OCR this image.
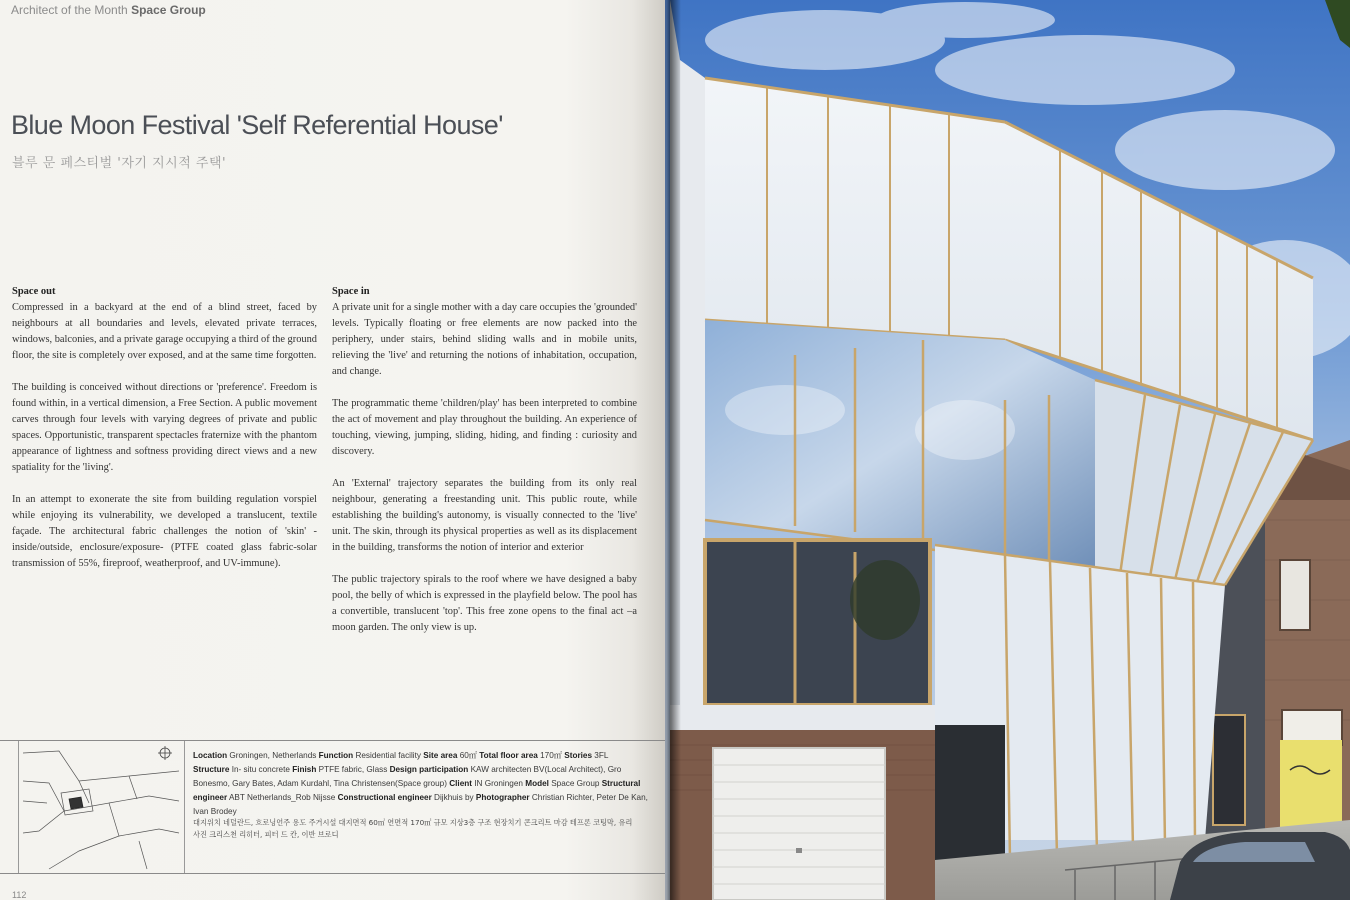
Architect of the Month Space Group
Blue Moon Festival 'Self Referential House'
블루 문 페스티벌 '자기 지시적 주택'
Space out

Compressed in a backyard at the end of a blind street, faced by neighbours at all boundaries and levels, elevated private terraces, windows, balconies, and a private garage occupying a third of the ground floor, the site is completely over exposed, and at the same time forgotten.

The building is conceived without directions or 'preference'. Freedom is found within, in a vertical dimension, a Free Section. A public movement carves through four levels with varying degrees of private and public spaces. Opportunistic, transparent spectacles fraternize with the phantom appearance of lightness and softness providing direct views and a new spatiality for the 'living'.

In an attempt to exonerate the site from building regulation vorspiel while enjoying its vulnerability, we developed a translucent, textile façade. The architectural fabric challenges the notion of 'skin' -inside/outside, enclosure/exposure- (PTFE coated glass fabric-solar transmission of 55%, fireproof, weatherproof, and UV-immune).

Space in

A private unit for a single mother with a day care occupies the 'grounded' levels. Typically floating or free elements are now packed into the periphery, under stairs, behind sliding walls and in mobile units, relieving the 'live' and returning the notions of inhabitation, occupation, and change.

The programmatic theme 'children/play' has been interpreted to combine the act of movement and play throughout the building. An experience of touching, viewing, jumping, sliding, hiding, and finding : curiosity and discovery.

An 'External' trajectory separates the building from its only real neighbour, generating a freestanding unit. This public route, while establishing the building's autonomy, is visually connected to the 'live' unit. The skin, through its physical properties as well as its displacement in the building, transforms the notion of interior and exterior

The public trajectory spirals to the roof where we have designed a baby pool, the belly of which is expressed in the playfield below. The pool has a convertible, translucent 'top'. This free zone opens to the final act –a moon garden. The only view is up.

Location Groningen, Netherlands Function Residential facility Site area 60㎡ Total floor area 170㎡ Stories 3FL

Structure In- situ concrete Finish PTFE fabric, Glass Design participation KAW architecten BV(Local Architect), Gro Bonesmo, Gary Bates, Adam Kurdahl, Tina Christensen(Space group) Client IN Groningen Model Space Group Structural engineer ABT Netherlands_Rob Nijsse Constructional engineer Dijkhuis by Photographer Christian Richter, Peter De Kan, Ivan Brodey

대지위치 네덜란드, 흐로닝언주 용도 주거시설 대지면적 60㎡ 연면적 170㎡ 규모 지상3층 구조 현장치기 콘크리트 마감 테프론 코팅막, 유리

사진 크리스천 리히터, 피터 드 칸, 이반 브로디

112
